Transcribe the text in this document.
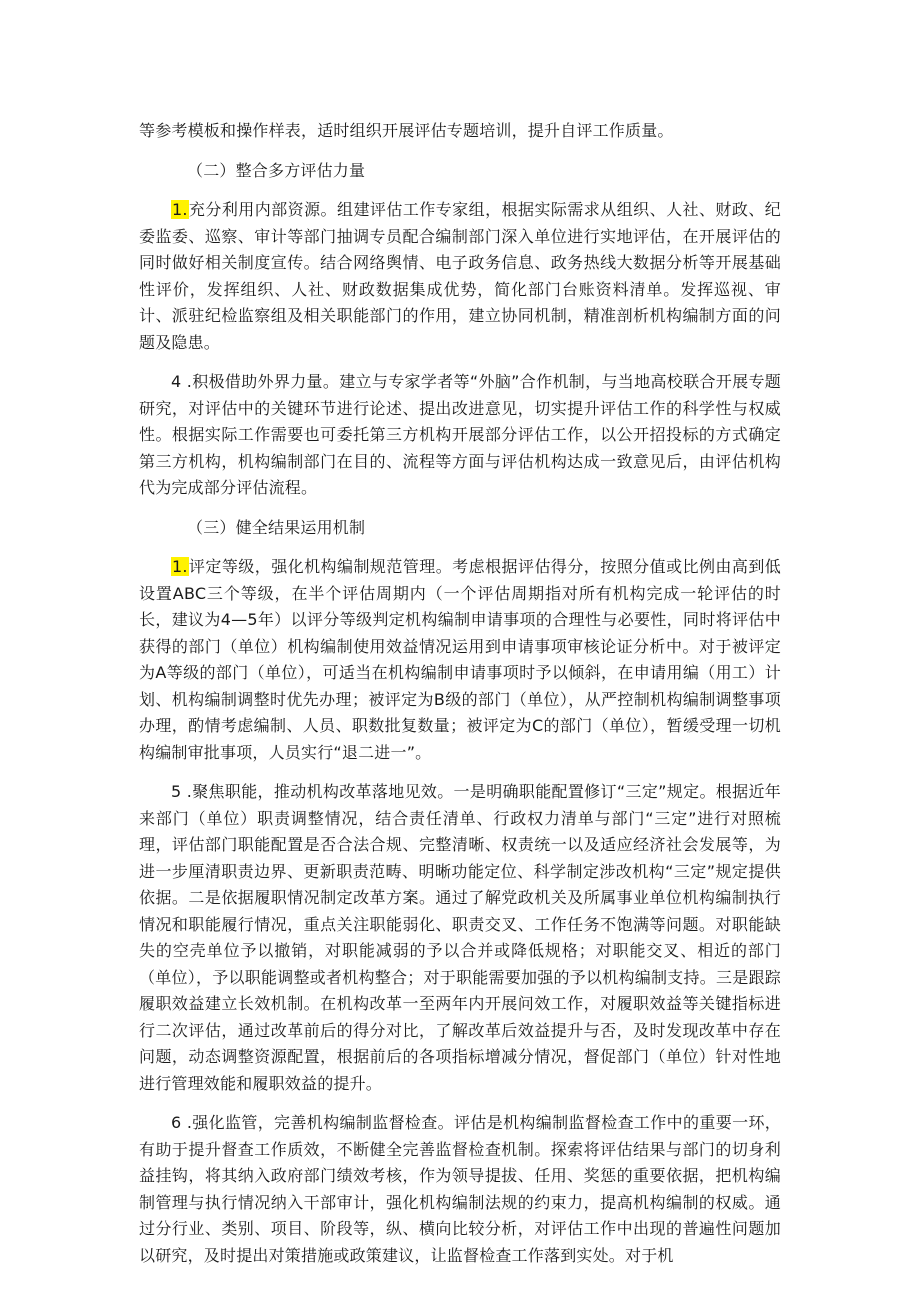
等参考模板和操作样表，适时组织开展评估专题培训，提升自评工作质量。

（二）整合多方评估力量

1.充分利用内部资源。组建评估工作专家组，根据实际需求从组织、人社、财政、纪委监委、巡察、审计等部门抽调专员配合编制部门深入单位进行实地评估，在开展评估的同时做好相关制度宣传。结合网络舆情、电子政务信息、政务热线大数据分析等开展基础性评价，发挥组织、人社、财政数据集成优势，简化部门台账资料清单。发挥巡视、审计、派驻纪检监察组及相关职能部门的作用，建立协同机制，精准剖析机构编制方面的问题及隐患。

4 .积极借助外界力量。建立与专家学者等“外脑”合作机制，与当地高校联合开展专题研究，对评估中的关键环节进行论述、提出改进意见，切实提升评估工作的科学性与权威性。根据实际工作需要也可委托第三方机构开展部分评估工作，以公开招投标的方式确定第三方机构，机构编制部门在目的、流程等方面与评估机构达成一致意见后，由评估机构代为完成部分评估流程。

（三）健全结果运用机制

1.评定等级，强化机构编制规范管理。考虑根据评估得分，按照分值或比例由高到低设置ABC三个等级，在半个评估周期内（一个评估周期指对所有机构完成一轮评估的时长，建议为4—5年）以评分等级判定机构编制申请事项的合理性与必要性，同时将评估中获得的部门（单位）机构编制使用效益情况运用到申请事项审核论证分析中。对于被评定为A等级的部门（单位），可适当在机构编制申请事项时予以倾斜，在申请用编（用工）计划、机构编制调整时优先办理；被评定为B级的部门（单位），从严控制机构编制调整事项办理，酌情考虑编制、人员、职数批复数量；被评定为C的部门（单位），暂缓受理一切机构编制审批事项，人员实行“退二进一”。

5 .聚焦职能，推动机构改革落地见效。一是明确职能配置修订“三定”规定。根据近年来部门（单位）职责调整情况，结合责任清单、行政权力清单与部门“三定”进行对照梳理，评估部门职能配置是否合法合规、完整清晰、权责统一以及适应经济社会发展等，为进一步厘清职责边界、更新职责范畴、明晰功能定位、科学制定涉改机构“三定”规定提供依据。二是依据履职情况制定改革方案。通过了解党政机关及所属事业单位机构编制执行情况和职能履行情况，重点关注职能弱化、职责交叉、工作任务不饱满等问题。对职能缺失的空壳单位予以撤销，对职能减弱的予以合并或降低规格；对职能交叉、相近的部门（单位），予以职能调整或者机构整合；对于职能需要加强的予以机构编制支持。三是跟踪履职效益建立长效机制。在机构改革一至两年内开展问效工作，对履职效益等关键指标进行二次评估，通过改革前后的得分对比，了解改革后效益提升与否，及时发现改革中存在问题，动态调整资源配置，根据前后的各项指标增减分情况，督促部门（单位）针对性地进行管理效能和履职效益的提升。

6 .强化监管，完善机构编制监督检查。评估是机构编制监督检查工作中的重要一环，有助于提升督查工作质效，不断健全完善监督检查机制。探索将评估结果与部门的切身利益挂钩，将其纳入政府部门绩效考核，作为领导提拔、任用、奖惩的重要依据，把机构编制管理与执行情况纳入干部审计，强化机构编制法规的约束力，提高机构编制的权威。通过分行业、类别、项目、阶段等，纵、横向比较分析，对评估工作中出现的普遍性问题加以研究，及时提出对策措施或政策建议，让监督检查工作落到实处。对于机
